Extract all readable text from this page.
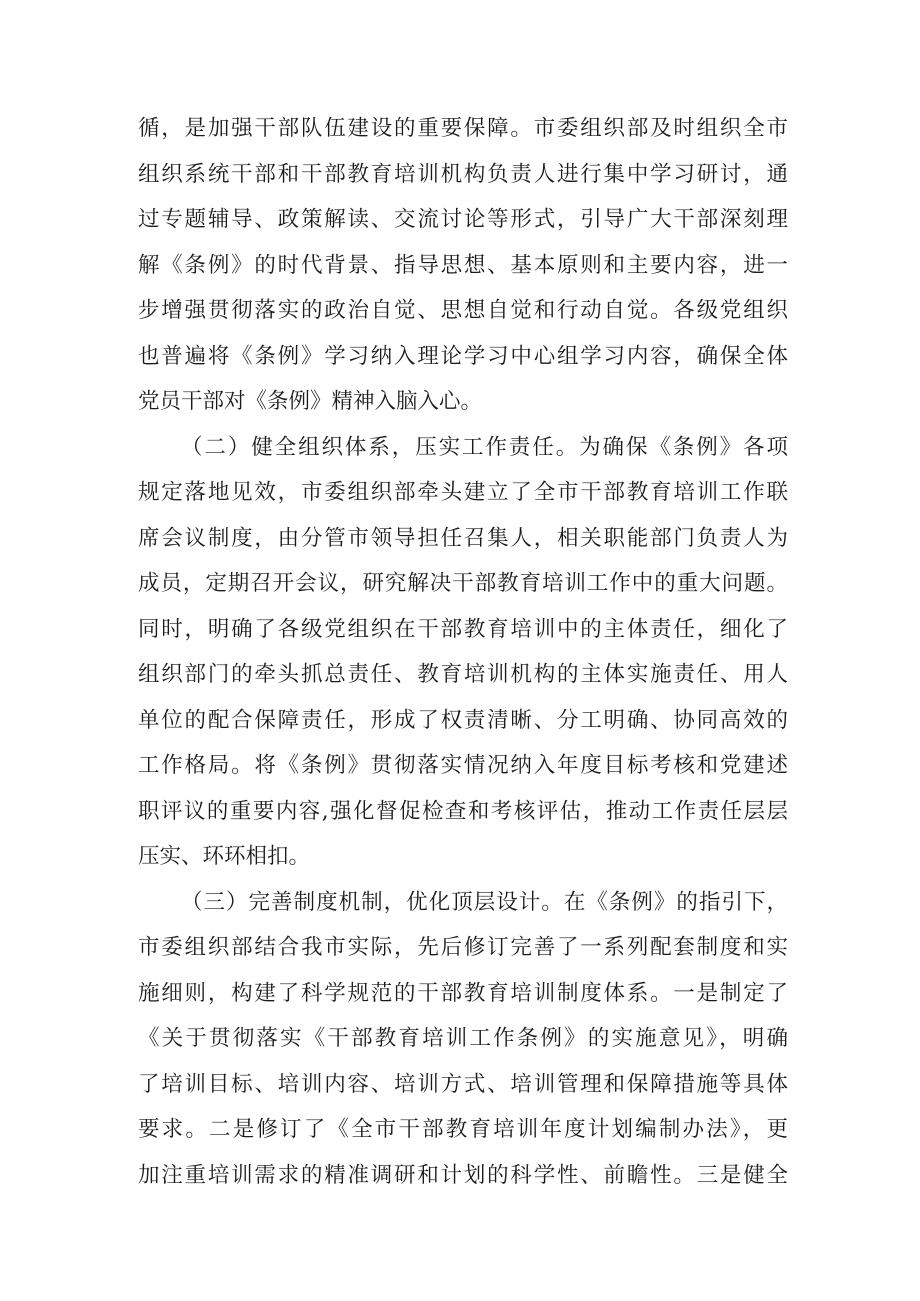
循，是加强干部队伍建设的重要保障。市委组织部及时组织全市
组织系统干部和干部教育培训机构负责人进行集中学习研讨，通
过专题辅导、政策解读、交流讨论等形式，引导广大干部深刻理
解《条例》的时代背景、指导思想、基本原则和主要内容，进一
步增强贯彻落实的政治自觉、思想自觉和行动自觉。各级党组织
也普遍将《条例》学习纳入理论学习中心组学习内容，确保全体
党员干部对《条例》精神入脑入心。
（二）健全组织体系，压实工作责任。为确保《条例》各项
规定落地见效，市委组织部牵头建立了全市干部教育培训工作联
席会议制度，由分管市领导担任召集人，相关职能部门负责人为
成员，定期召开会议，研究解决干部教育培训工作中的重大问题。
同时，明确了各级党组织在干部教育培训中的主体责任，细化了
组织部门的牵头抓总责任、教育培训机构的主体实施责任、用人
单位的配合保障责任，形成了权责清晰、分工明确、协同高效的
工作格局。将《条例》贯彻落实情况纳入年度目标考核和党建述
职评议的重要内容,强化督促检查和考核评估，推动工作责任层层
压实、环环相扣。
（三）完善制度机制，优化顶层设计。在《条例》的指引下，
市委组织部结合我市实际，先后修订完善了一系列配套制度和实
施细则，构建了科学规范的干部教育培训制度体系。一是制定了
《关于贯彻落实《干部教育培训工作条例》的实施意见》，明确
了培训目标、培训内容、培训方式、培训管理和保障措施等具体
要求。二是修订了《全市干部教育培训年度计划编制办法》，更
加注重培训需求的精准调研和计划的科学性、前瞻性。三是健全
